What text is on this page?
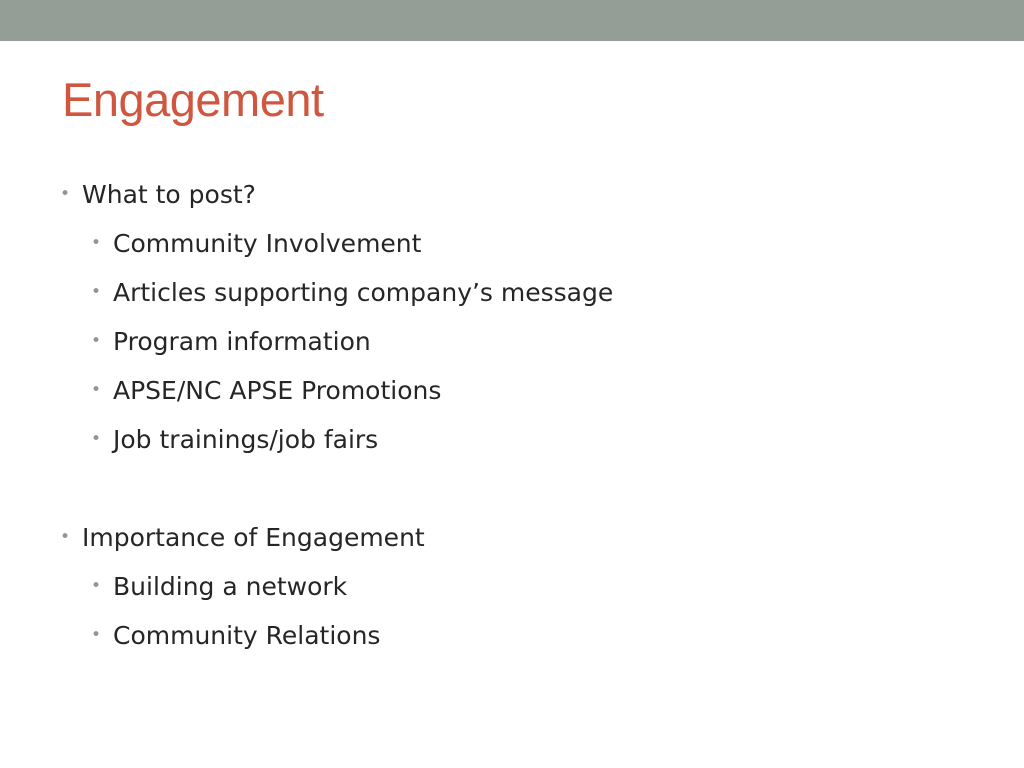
Engagement
• What to post?
• Community Involvement
• Articles supporting company’s message
• Program information
• APSE/NC APSE Promotions
• Job trainings/job fairs
• Importance of Engagement
• Building a network
• Community Relations
